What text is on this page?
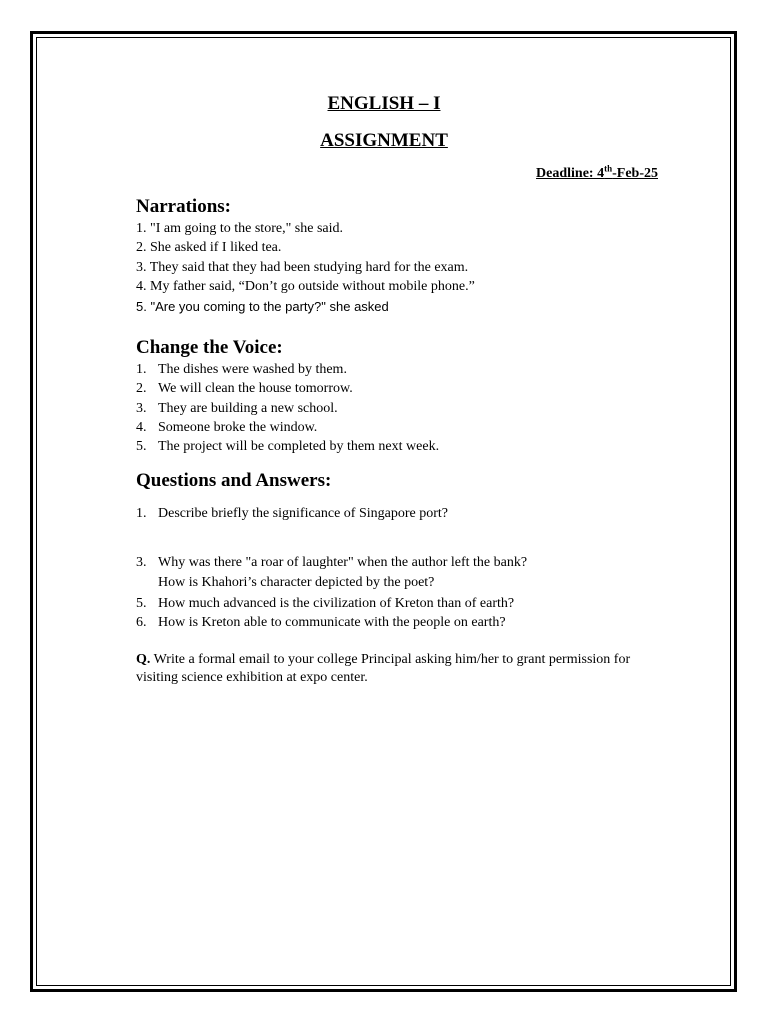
ENGLISH – I
ASSIGNMENT
Deadline: 4th-Feb-25
Narrations:
1. "I am going to the store," she said.
2. She asked if I liked tea.
3. They said that they had been studying hard for the exam.
4. My father said, “Don’t go outside without mobile phone.”
5. "Are you coming to the party?" she asked
Change the Voice:
1. The dishes were washed by them.
2. We will clean the house tomorrow.
3. They are building a new school.
4. Someone broke the window.
5. The project will be completed by them next week.
Questions and Answers:
1. Describe briefly the significance of Singapore port?
3. Why was there "a roar of laughter" when the author left the bank?
How is Khahori’s character depicted by the poet?
5. How much advanced is the civilization of Kreton than of earth?
6. How is Kreton able to communicate with the people on earth?
Q. Write a formal email to your college Principal asking him/her to grant permission for visiting science exhibition at expo center.
